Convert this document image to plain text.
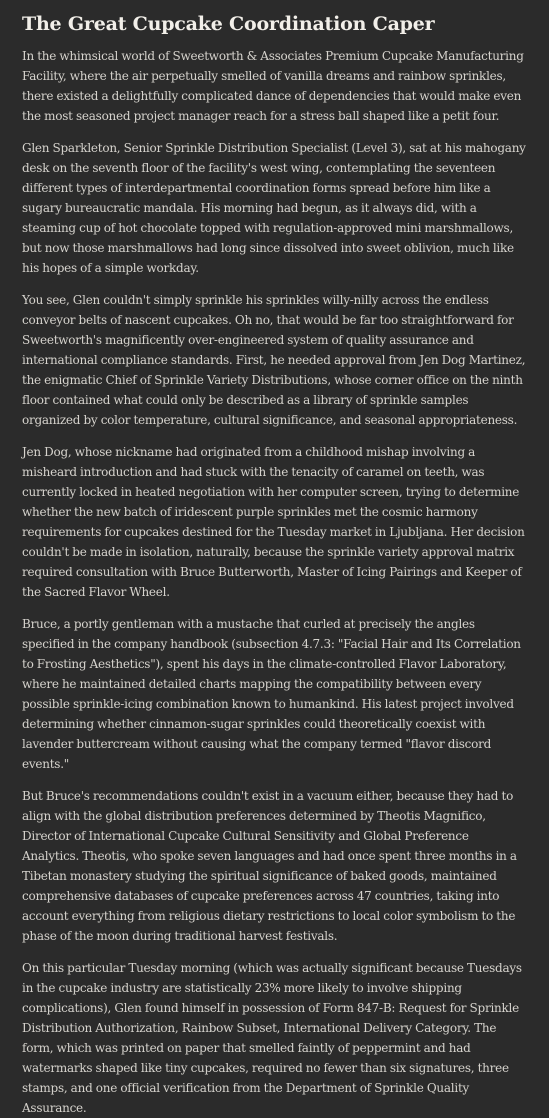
The Great Cupcake Coordination Caper

In the whimsical world of Sweetworth & Associates Premium Cupcake Manufacturing Facility, where the air perpetually smelled of vanilla dreams and rainbow sprinkles, there existed a delightfully complicated dance of dependencies that would make even the most seasoned project manager reach for a stress ball shaped like a petit four.

Glen Sparkleton, Senior Sprinkle Distribution Specialist (Level 3), sat at his mahogany desk on the seventh floor of the facility's west wing, contemplating the seventeen different types of interdepartmental coordination forms spread before him like a sugary bureaucratic mandala. His morning had begun, as it always did, with a steaming cup of hot chocolate topped with regulation-approved mini marshmallows, but now those marshmallows had long since dissolved into sweet oblivion, much like his hopes of a simple workday.

You see, Glen couldn't simply sprinkle his sprinkles willy-nilly across the endless conveyor belts of nascent cupcakes. Oh no, that would be far too straightforward for Sweetworth's magnificently over-engineered system of quality assurance and international compliance standards. First, he needed approval from Jen Dog Martinez, the enigmatic Chief of Sprinkle Variety Distributions, whose corner office on the ninth floor contained what could only be described as a library of sprinkle samples organized by color temperature, cultural significance, and seasonal appropriateness.

Jen Dog, whose nickname had originated from a childhood mishap involving a misheard introduction and had stuck with the tenacity of caramel on teeth, was currently locked in heated negotiation with her computer screen, trying to determine whether the new batch of iridescent purple sprinkles met the cosmic harmony requirements for cupcakes destined for the Tuesday market in Ljubljana. Her decision couldn't be made in isolation, naturally, because the sprinkle variety approval matrix required consultation with Bruce Butterworth, Master of Icing Pairings and Keeper of the Sacred Flavor Wheel.

Bruce, a portly gentleman with a mustache that curled at precisely the angles specified in the company handbook (subsection 4.7.3: "Facial Hair and Its Correlation to Frosting Aesthetics"), spent his days in the climate-controlled Flavor Laboratory, where he maintained detailed charts mapping the compatibility between every possible sprinkle-icing combination known to humankind. His latest project involved determining whether cinnamon-sugar sprinkles could theoretically coexist with lavender buttercream without causing what the company termed "flavor discord events."

But Bruce's recommendations couldn't exist in a vacuum either, because they had to align with the global distribution preferences determined by Theotis Magnifico, Director of International Cupcake Cultural Sensitivity and Global Preference Analytics. Theotis, who spoke seven languages and had once spent three months in a Tibetan monastery studying the spiritual significance of baked goods, maintained comprehensive databases of cupcake preferences across 47 countries, taking into account everything from religious dietary restrictions to local color symbolism to the phase of the moon during traditional harvest festivals.

On this particular Tuesday morning (which was actually significant because Tuesdays in the cupcake industry are statistically 23% more likely to involve shipping complications), Glen found himself in possession of Form 847-B: Request for Sprinkle Distribution Authorization, Rainbow Subset, International Delivery Category. The form, which was printed on paper that smelled faintly of peppermint and had watermarks shaped like tiny cupcakes, required no fewer than six signatures, three stamps, and one official verification from the Department of Sprinkle Quality Assurance.
